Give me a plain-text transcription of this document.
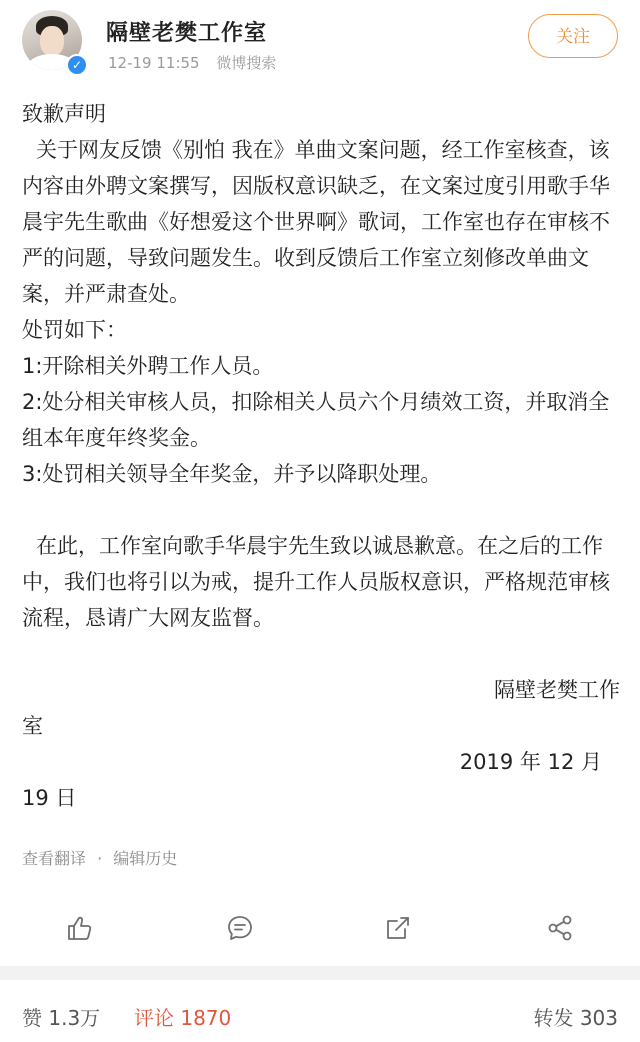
✓
隔壁老樊工作室
12-19 11:55 微博搜索
关注

致歉声明

关于网友反馈《别怕 我在》单曲文案问题，经工作室核查，该内容由外聘文案撰写，因版权意识缺乏，在文案过度引用歌手华晨宇先生歌曲《好想爱这个世界啊》歌词，工作室也存在审核不严的问题，导致问题发生。收到反馈后工作室立刻修改单曲文案，并严肃查处。

处罚如下：

1:开除相关外聘工作人员。

2:处分相关审核人员，扣除相关人员六个月绩效工资，并取消全组本年度年终奖金。

3:处罚相关领导全年奖金，并予以降职处理。

在此，工作室向歌手华晨宇先生致以诚恳歉意。在之后的工作中，我们也将引以为戒，提升工作人员版权意识，严格规范审核流程，恳请广大网友监督。

隔壁老樊工作

室

2019 年 12 月

19 日

查看翻译 · 编辑历史
赞 1.3万 评论 1870	转发 303
